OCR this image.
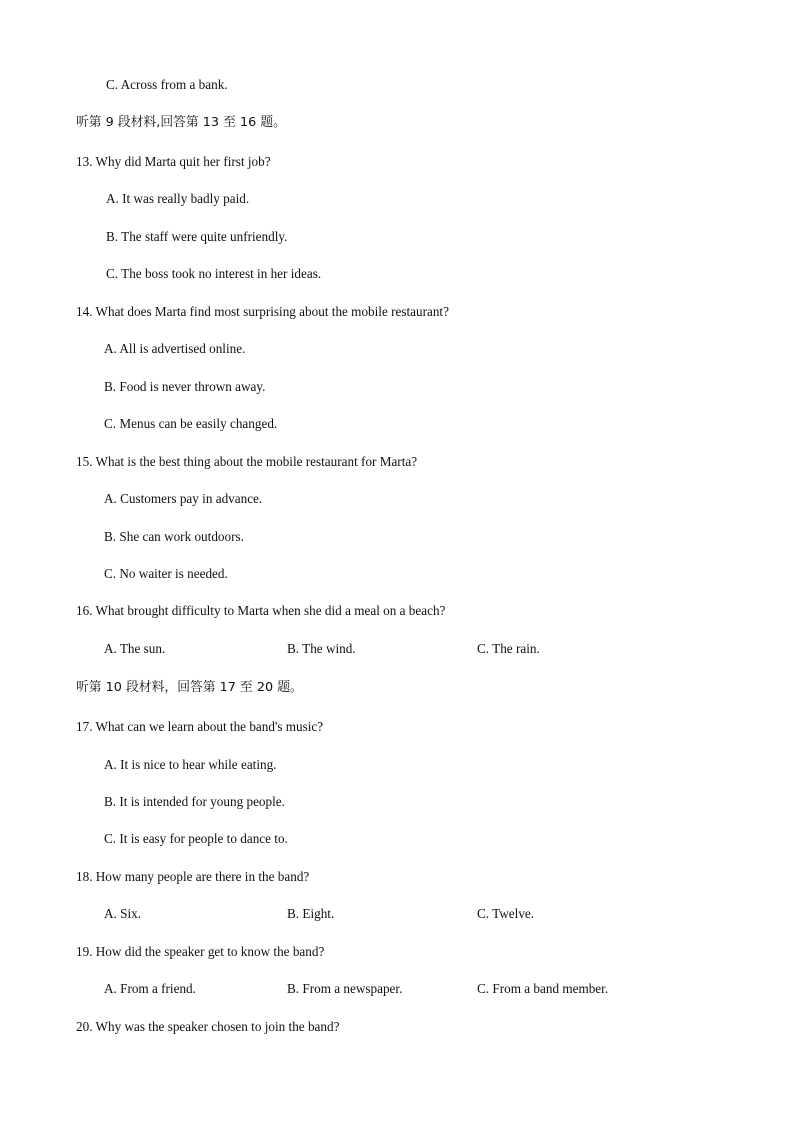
C. Across from a bank.
听第 9 段材料,回答第 13 至 16 题。
13. Why did Marta quit her first job?
A. It was really badly paid.
B. The staff were quite unfriendly.
C. The boss took no interest in her ideas.
14. What does Marta find most surprising about the mobile restaurant?
A. All is advertised online.
B. Food is never thrown away.
C. Menus can be easily changed.
15. What is the best thing about the mobile restaurant for Marta?
A. Customers pay in advance.
B. She can work outdoors.
C. No waiter is needed.
16. What brought difficulty to Marta when she did a meal on a beach?
A. The sun.	B. The wind.	C. The rain.
听第 10 段材料，回答第 17 至 20 题。
17. What can we learn about the band's music?
A. It is nice to hear while eating.
B. It is intended for young people.
C. It is easy for people to dance to.
18. How many people are there in the band?
A. Six.	B. Eight.	C. Twelve.
19. How did the speaker get to know the band?
A. From a friend.	B. From a newspaper.	C. From a band member.
20. Why was the speaker chosen to join the band?
